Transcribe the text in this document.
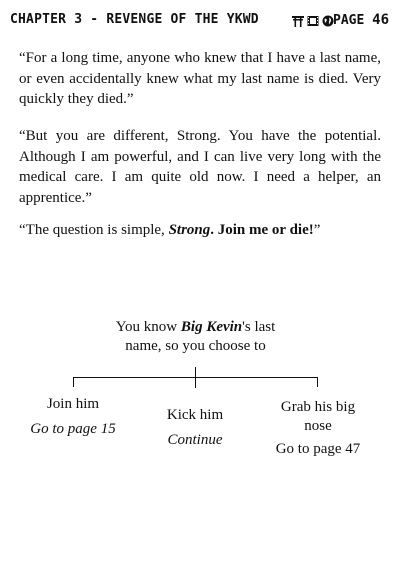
CHAPTER 3 - REVENGE OF THE YKWD	PAGE 46

“For a long time, anyone who knew that I have a last name, or even accidentally knew what my last name is died. Very quickly they died.”

“But you are different, Strong. You have the potential. Although I am powerful, and I can live very long with the medical care. I am quite old now. I need a helper, an apprentice.”

“The question is simple, Strong. Join me or die!”

You know Big Kevin's last name, so you choose to
Join him
Go to page 15
Kick him
Continue
Grab his big nose
Go to page 47
